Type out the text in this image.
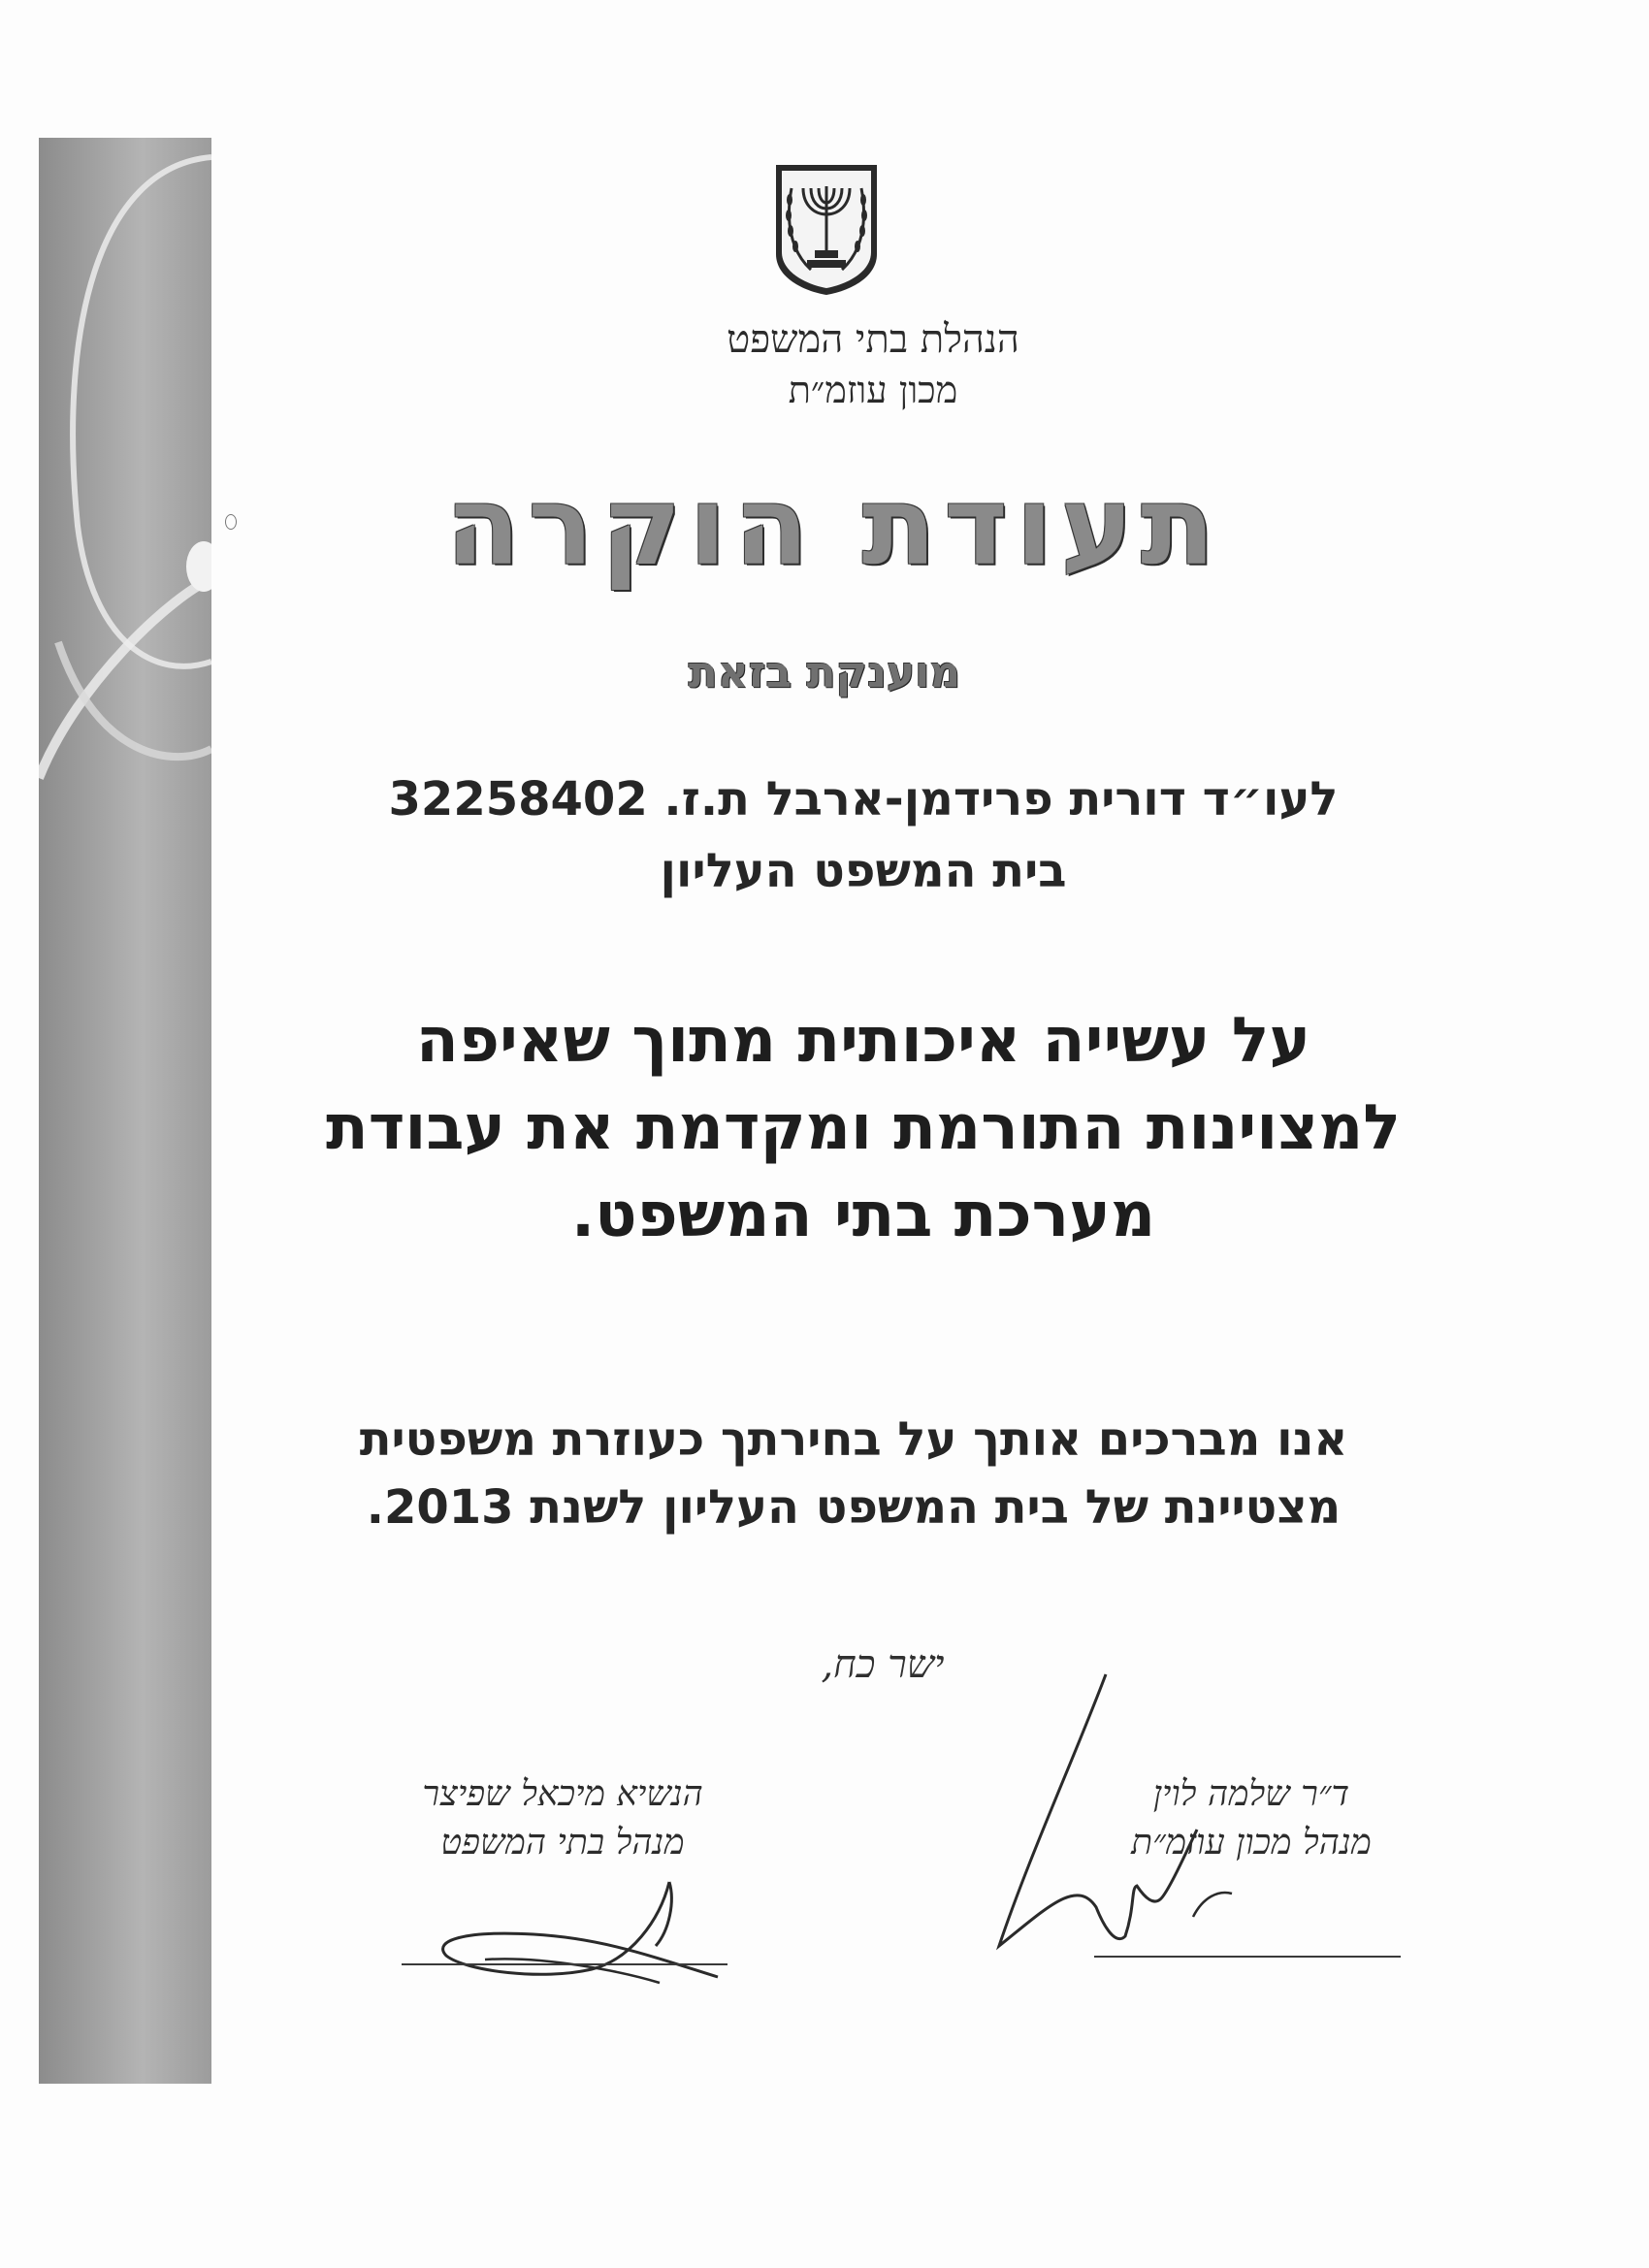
הנהלת בתי המשפט
מכון עוזמ״ת
תעודת הוקרה
מוענקת בזאת
לעו״ד דורית פרידמן-ארבל ת.ז. 32258402
בית המשפט העליון
על עשייה איכותית מתוך שאיפה
למצוינות התורמת ומקדמת את עבודת
מערכת בתי המשפט.
אנו מברכים אותך על בחירתך כעוזרת משפטית
מצטיינת של בית המשפט העליון לשנת 2013.
ישר כח,
הנשיא מיכאל שפיצר
מנהל בתי המשפט
ד״ר שלמה לוין
מנהל מכון עוזמ״ת
